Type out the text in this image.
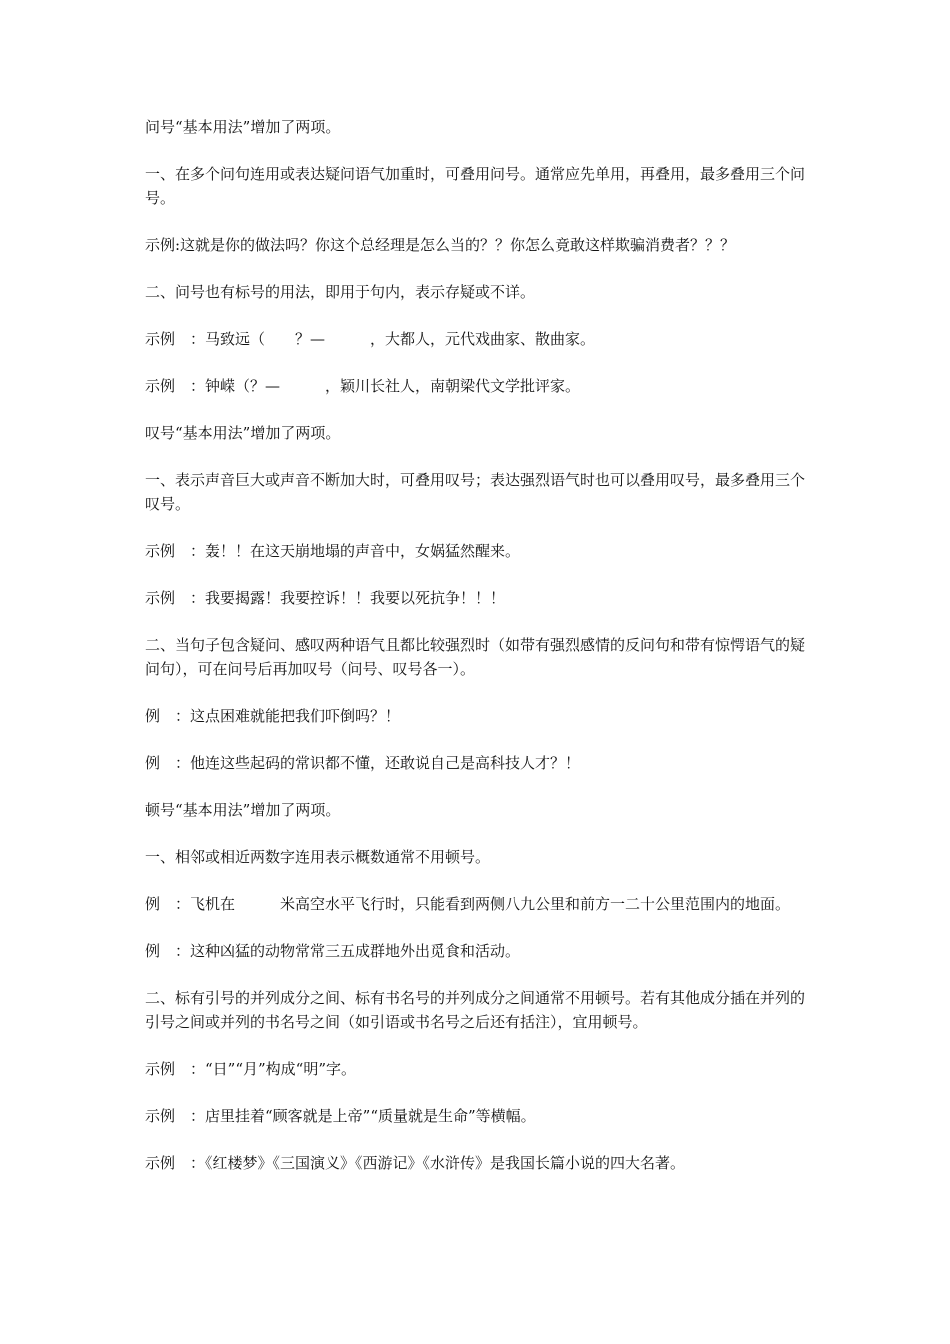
问号“基本用法”增加了两项。

一、在多个问句连用或表达疑问语气加重时，可叠用问号。通常应先单用，再叠用，最多叠用三个问号。

示例:这就是你的做法吗？你这个总经理是怎么当的？？你怎么竟敢这样欺骗消费者？？？

二、问号也有标号的用法，即用于句内，表示存疑或不详。

示例　：马致远（　　？—　　　，大都人，元代戏曲家、散曲家。

示例　：钟嵘（？—　　　，颖川长社人，南朝梁代文学批评家。

叹号“基本用法”增加了两项。

一、表示声音巨大或声音不断加大时，可叠用叹号；表达强烈语气时也可以叠用叹号，最多叠用三个叹号。

示例　：轰！！在这天崩地塌的声音中，女娲猛然醒来。

示例　：我要揭露！我要控诉！！我要以死抗争！！！

二、当句子包含疑问、感叹两种语气且都比较强烈时（如带有强烈感情的反问句和带有惊愕语气的疑问句），可在问号后再加叹号（问号、叹号各一）。

例　：这点困难就能把我们吓倒吗？！

例　：他连这些起码的常识都不懂，还敢说自己是高科技人才？！

顿号“基本用法”增加了两项。

一、相邻或相近两数字连用表示概数通常不用顿号。

例　：飞机在　　　米高空水平飞行时，只能看到两侧八九公里和前方一二十公里范围内的地面。

例　：这种凶猛的动物常常三五成群地外出觅食和活动。

二、标有引号的并列成分之间、标有书名号的并列成分之间通常不用顿号。若有其他成分插在并列的引号之间或并列的书名号之间（如引语或书名号之后还有括注），宜用顿号。

示例　：“日”“月”构成“明”字。

示例　：店里挂着“顾客就是上帝”“质量就是生命”等横幅。

示例　：《红楼梦》《三国演义》《西游记》《水浒传》是我国长篇小说的四大名著。
